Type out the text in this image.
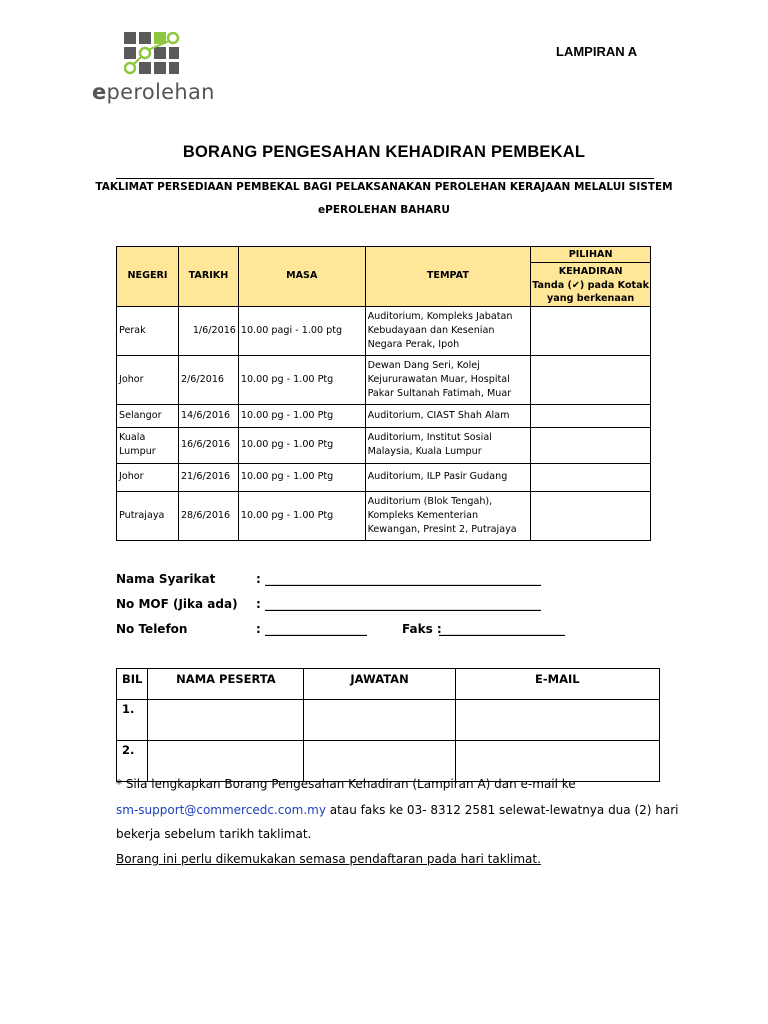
eperolehan
LAMPIRAN A
BORANG PENGESAHAN KEHADIRAN PEMBEKAL
TAKLIMAT PERSEDIAAN PEMBEKAL BAGI PELAKSANAKAN PEROLEHAN KERAJAAN MELALUI SISTEM
ePEROLEHAN BAHARU
NEGERI	TARIKH	MASA	TEMPAT	PILIHAN
KEHADIRAN
Tanda (✔) pada Kotak yang berkenaan

Perak	1/6/2016	10.00 pagi - 1.00 ptg	Auditorium, Kompleks Jabatan Kebudayaan dan Kesenian Negara Perak, Ipoh	
Johor	2/6/2016	10.00 pg - 1.00 Ptg	Dewan Dang Seri, Kolej Kejururawatan Muar, Hospital Pakar Sultanah Fatimah, Muar	
Selangor	14/6/2016	10.00 pg - 1.00 Ptg	Auditorium, CIAST Shah Alam	
Kuala Lumpur	16/6/2016	10.00 pg - 1.00 Ptg	Auditorium, Institut Sosial Malaysia, Kuala Lumpur	
Johor	21/6/2016	10.00 pg - 1.00 Ptg	Auditorium, ILP Pasir Gudang	
Putrajaya	28/6/2016	10.00 pg - 1.00 Ptg	Auditorium (Blok Tengah), Kompleks Kementerian Kewangan, Presint 2, Putrajaya	
Nama Syarikat	: ______________________________________________
No MOF (Jika ada) : ______________________________________________
No Telefon	: _________________	Faks :
_____________________
BIL	NAMA PESERTA	JAWATAN	E-MAIL
1.			
2.			
* Sila lengkapkan Borang Pengesahan Kehadiran (Lampiran A) dan e-mail ke
sm-support@commercedc.com.my atau faks ke 03- 8312 2581 selewat-lewatnya dua (2) hari
bekerja sebelum tarikh taklimat.
Borang ini perlu dikemukakan semasa pendaftaran pada hari taklimat.
